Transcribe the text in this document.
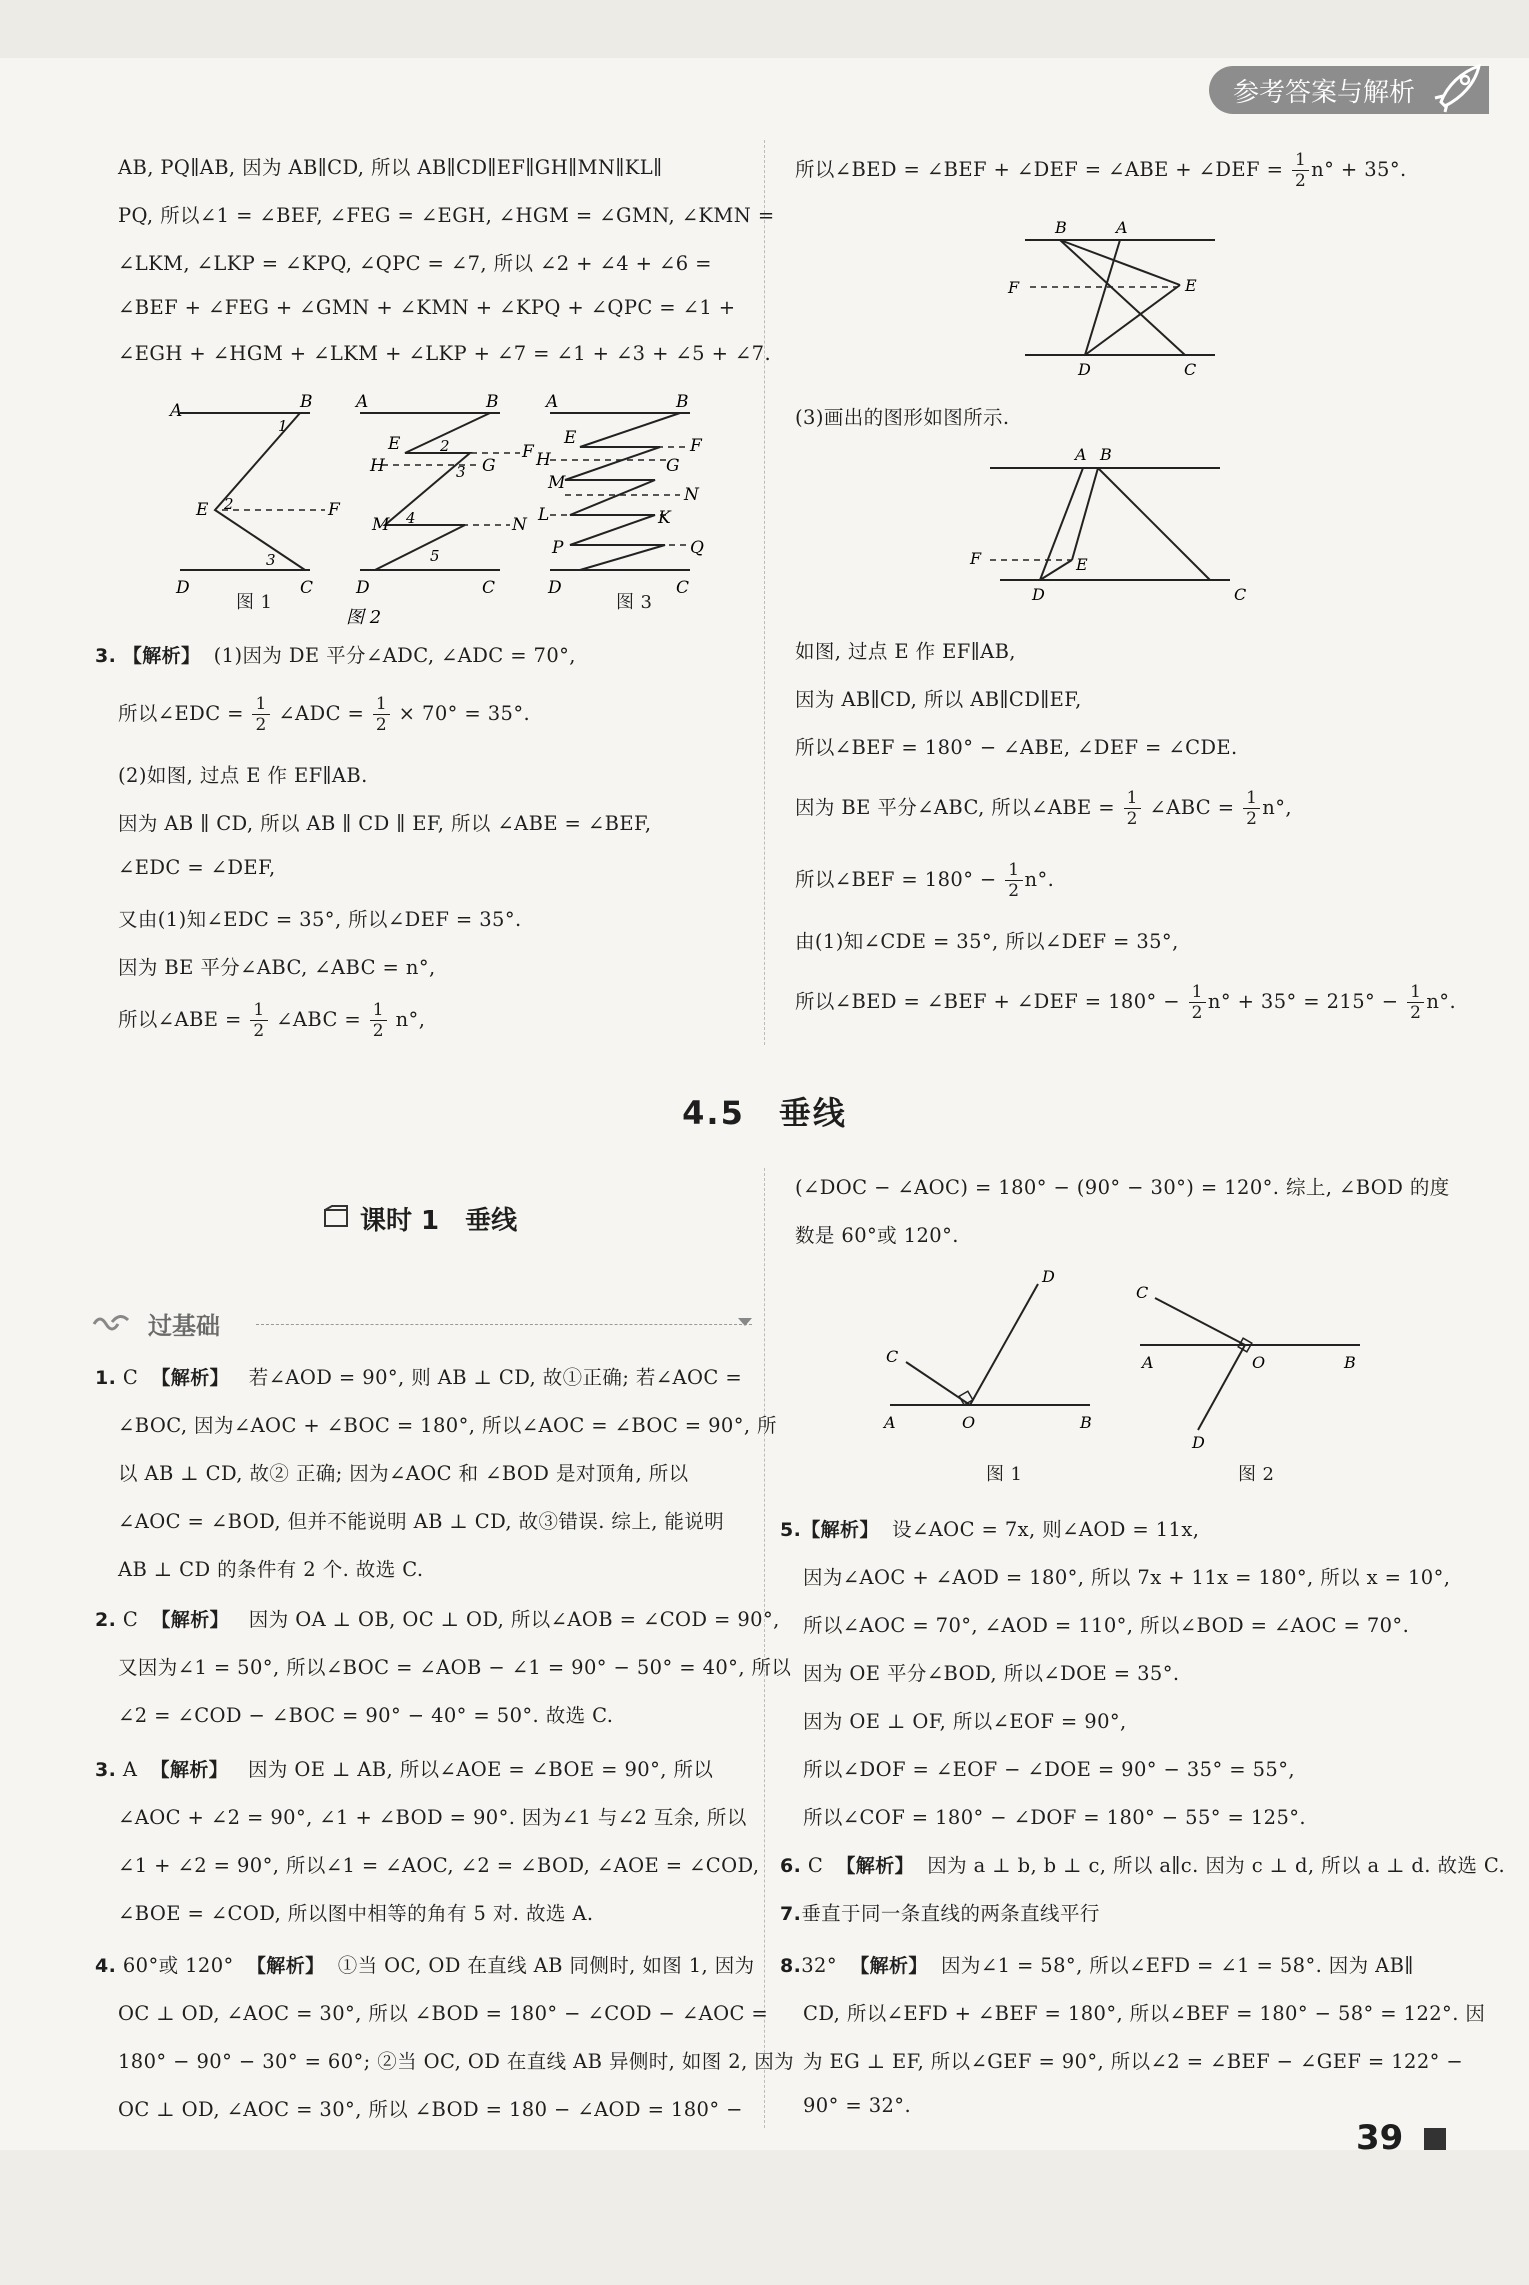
参考答案与解析
AB, PQ∥AB, 因为 AB∥CD, 所以 AB∥CD∥EF∥GH∥MN∥KL∥
PQ, 所以∠1 = ∠BEF, ∠FEG = ∠EGH, ∠HGM = ∠GMN, ∠KMN =
∠LKM, ∠LKP = ∠KPQ, ∠QPC = ∠7, 所以 ∠2 + ∠4 + ∠6 =
∠BEF + ∠FEG + ∠GMN + ∠KMN + ∠KPQ + ∠QPC = ∠1 +
∠EGH + ∠HGM + ∠LKM + ∠LKP + ∠7 = ∠1 + ∠3 + ∠5 + ∠7.
A	B
E	F
D	C
1
2
3
A	B
E	F
H	G
M	N
D	C
2
3
4
5
图 2
A	B
E	F
H	G
M
N
L	K
P	Q
D	C
图 1	图 3
3. 【解析】 (1)因为 DE 平分∠ADC, ∠ADC = 70°,
所以∠EDC = $\frac{1}{2}$ ∠ADC = $\frac{1}{2} \times 70^\circ = 35^\circ$.
(2)如图, 过点 E 作 EF∥AB.
因为 AB ∥ CD, 所以 AB ∥ CD ∥ EF, 所以 ∠ABE = ∠BEF,
∠EDC = ∠DEF,
又由(1)知∠EDC = 35°, 所以∠DEF = 35°.
因为 BE 平分∠ABC, ∠ABC = n°,
所以∠ABE = $\frac{1}{2}$ ∠ABC = $\frac{1}{2} n^\circ$,
所以∠BED = ∠BEF + ∠DEF = ∠ABE + ∠DEF = $\frac{1}{2} n^\circ + 35^\circ$.
B	A
F	E
D	C
(3)画出的图形如图所示.
A B
F	E
D	C
如图, 过点 E 作 EF∥AB,
因为 AB∥CD, 所以 AB∥CD∥EF,
所以∠BEF = 180° − ∠ABE, ∠DEF = ∠CDE.
因为 BE 平分∠ABC, 所以∠ABE = $\frac{1}{2}$ ∠ABC = $\frac{1}{2} n^\circ$,
所以∠BEF = $180^\circ - \frac{1}{2} n^\circ$.
由(1)知∠CDE = 35°, 所以∠DEF = 35°,
所以∠BED = ∠BEF + ∠DEF = $180^\circ - \frac{1}{2} n^\circ + 35^\circ = 215^\circ - \frac{1}{2} n^\circ$.
4.5　垂线
课时 1　垂线
过基础
1. C 【解析】 若∠AOD = 90°, 则 AB ⊥ CD, 故①正确; 若∠AOC =
∠BOC, 因为∠AOC + ∠BOC = 180°, 所以∠AOC = ∠BOC = 90°, 所
以 AB ⊥ CD, 故② 正确; 因为∠AOC 和 ∠BOD 是对顶角, 所以
∠AOC = ∠BOD, 但并不能说明 AB ⊥ CD, 故③错误. 综上, 能说明
AB ⊥ CD 的条件有 2 个. 故选 C.
2. C 【解析】 因为 OA ⊥ OB, OC ⊥ OD, 所以∠AOB = ∠COD = 90°,
又因为∠1 = 50°, 所以∠BOC = ∠AOB − ∠1 = 90° − 50° = 40°, 所以
∠2 = ∠COD − ∠BOC = 90° − 40° = 50°. 故选 C.
3. A 【解析】 因为 OE ⊥ AB, 所以∠AOE = ∠BOE = 90°, 所以
∠AOC + ∠2 = 90°, ∠1 + ∠BOD = 90°. 因为∠1 与∠2 互余, 所以
∠1 + ∠2 = 90°, 所以∠1 = ∠AOC, ∠2 = ∠BOD, ∠AOE = ∠COD,
∠BOE = ∠COD, 所以图中相等的角有 5 对. 故选 A.
4. 60°或 120° 【解析】 ①当 OC, OD 在直线 AB 同侧时, 如图 1, 因为
OC ⊥ OD, ∠AOC = 30°, 所以 ∠BOD = 180° − ∠COD − ∠AOC =
180° − 90° − 30° = 60°; ②当 OC, OD 在直线 AB 异侧时, 如图 2, 因为
OC ⊥ OD, ∠AOC = 30°, 所以 ∠BOD = 180 − ∠AOD = 180° −
(∠DOC − ∠AOC) = 180° − (90° − 30°) = 120°. 综上, ∠BOD 的度
数是 60°或 120°.
A	O	B
C
D
A	O	B
C
D
图 1	图 2
5.【解析】 设∠AOC = 7x, 则∠AOD = 11x,
因为∠AOC + ∠AOD = 180°, 所以 7x + 11x = 180°, 所以 x = 10°,
所以∠AOC = 70°, ∠AOD = 110°, 所以∠BOD = ∠AOC = 70°.
因为 OE 平分∠BOD, 所以∠DOE = 35°.
因为 OE ⊥ OF, 所以∠EOF = 90°,
所以∠DOF = ∠EOF − ∠DOE = 90° − 35° = 55°,
所以∠COF = 180° − ∠DOF = 180° − 55° = 125°.
6. C 【解析】 因为 a ⊥ b, b ⊥ c, 所以 a∥c. 因为 c ⊥ d, 所以 a ⊥ d. 故选 C.
7.垂直于同一条直线的两条直线平行
8.32° 【解析】 因为∠1 = 58°, 所以∠EFD = ∠1 = 58°. 因为 AB∥
CD, 所以∠EFD + ∠BEF = 180°, 所以∠BEF = 180° − 58° = 122°. 因
为 EG ⊥ EF, 所以∠GEF = 90°, 所以∠2 = ∠BEF − ∠GEF = 122° −
90° = 32°.
39
